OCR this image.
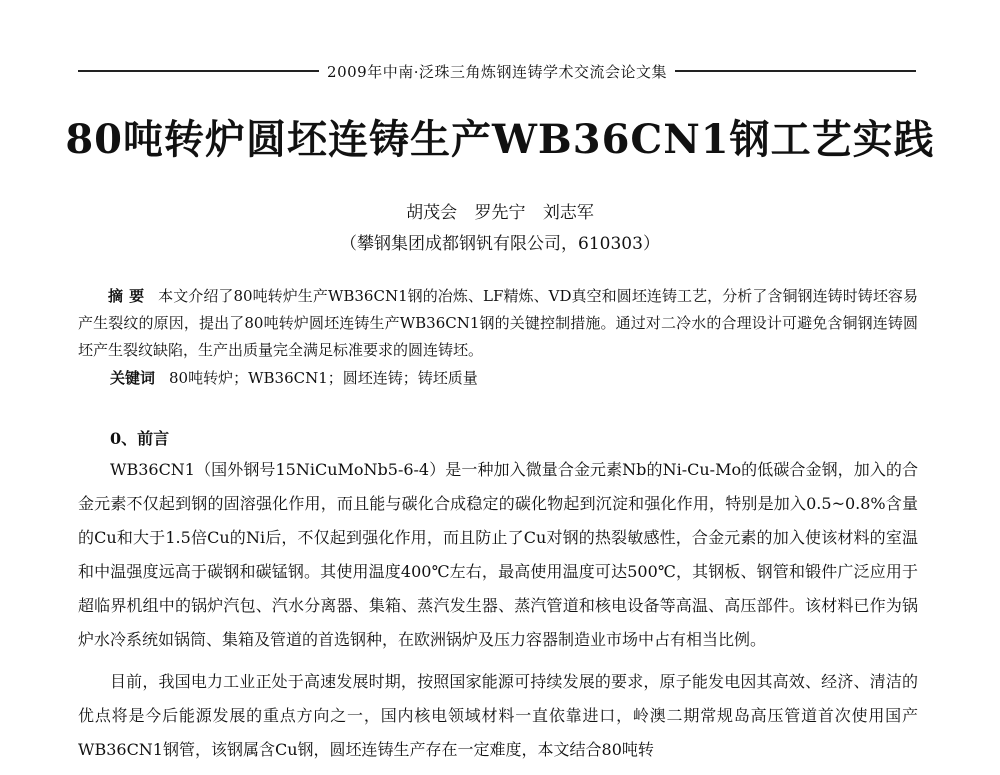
2009年中南·泛珠三角炼钢连铸学术交流会论文集
80吨转炉圆坯连铸生产WB36CN1钢工艺实践
胡茂会 罗先宁 刘志军
（攀钢集团成都钢钒有限公司，610303）

摘要 本文介绍了80吨转炉生产WB36CN1钢的冶炼、LF精炼、VD真空和圆坯连铸工艺，分析了含铜钢连铸时铸坯容易产生裂纹的原因，提出了80吨转炉圆坯连铸生产WB36CN1钢的关键控制措施。通过对二冷水的合理设计可避免含铜钢连铸圆坯产生裂纹缺陷，生产出质量完全满足标准要求的圆连铸坯。

关键词 80吨转炉；WB36CN1；圆坯连铸；铸坯质量
0、前言

WB36CN1（国外钢号15NiCuMoNb5-6-4）是一种加入微量合金元素Nb的Ni-Cu-Mo的低碳合金钢，加入的合金元素不仅起到钢的固溶强化作用，而且能与碳化合成稳定的碳化物起到沉淀和强化作用，特别是加入0.5~0.8%含量的Cu和大于1.5倍Cu的Ni后，不仅起到强化作用，而且防止了Cu对钢的热裂敏感性，合金元素的加入使该材料的室温和中温强度远高于碳钢和碳锰钢。其使用温度400℃左右，最高使用温度可达500℃，其钢板、钢管和锻件广泛应用于超临界机组中的锅炉汽包、汽水分离器、集箱、蒸汽发生器、蒸汽管道和核电设备等高温、高压部件。该材料已作为锅炉水冷系统如锅筒、集箱及管道的首选钢种，在欧洲锅炉及压力容器制造业市场中占有相当比例。

目前，我国电力工业正处于高速发展时期，按照国家能源可持续发展的要求，原子能发电因其高效、经济、清洁的优点将是今后能源发展的重点方向之一，国内核电领域材料一直依靠进口，岭澳二期常规岛高压管道首次使用国产WB36CN1钢管，该钢属含Cu钢，圆坯连铸生产存在一定难度，本文结合80吨转
